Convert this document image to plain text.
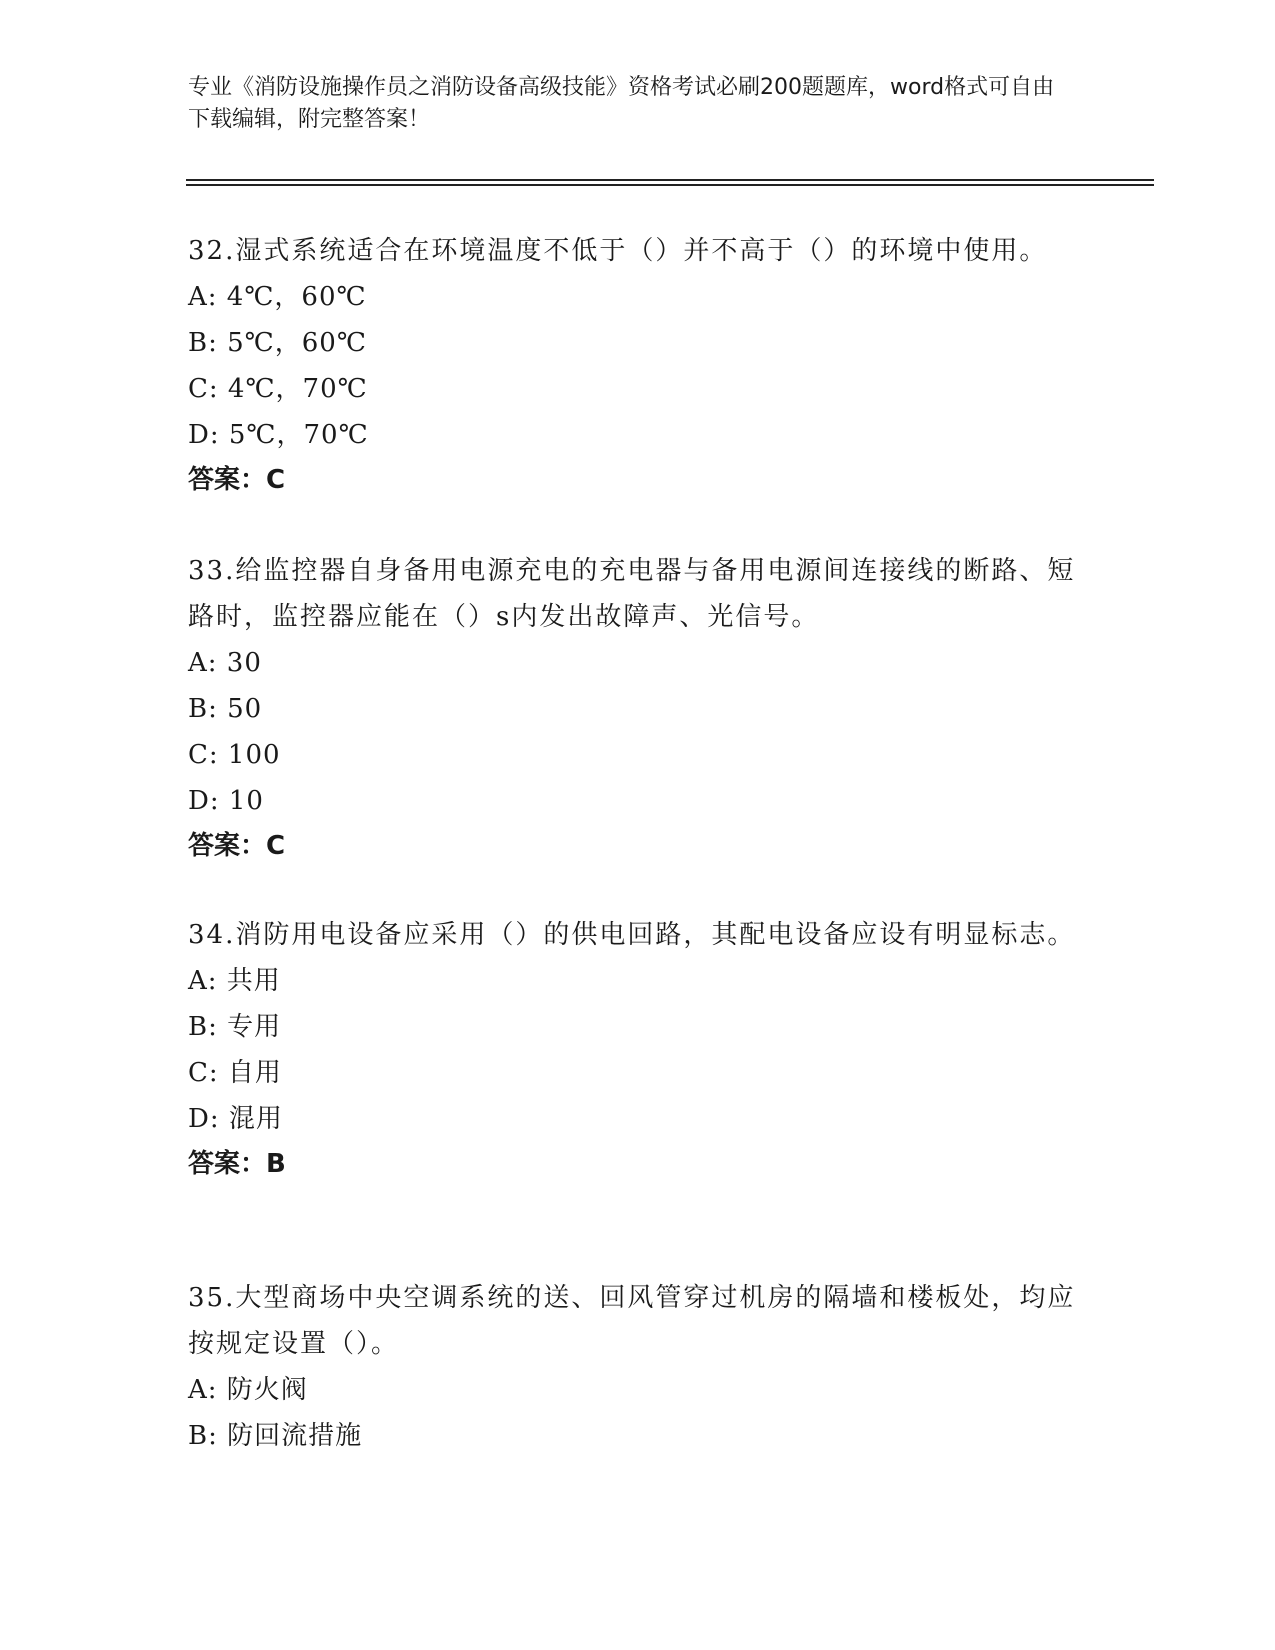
专业《消防设施操作员之消防设备高级技能》资格考试必刷200题题库，word格式可自由下载编辑，附完整答案！

32.湿式系统适合在环境温度不低于（）并不高于（）的环境中使用。

A: 4℃，60℃

B: 5℃，60℃

C: 4℃，70℃

D: 5℃，70℃

答案：C

33.给监控器自身备用电源充电的充电器与备用电源间连接线的断路、短路时，监控器应能在（）s内发出故障声、光信号。

A: 30

B: 50

C: 100

D: 10

答案：C

34.消防用电设备应采用（）的供电回路，其配电设备应设有明显标志。

A: 共用

B: 专用

C: 自用

D: 混用

答案：B

35.大型商场中央空调系统的送、回风管穿过机房的隔墙和楼板处，均应按规定设置（）。

A: 防火阀

B: 防回流措施
